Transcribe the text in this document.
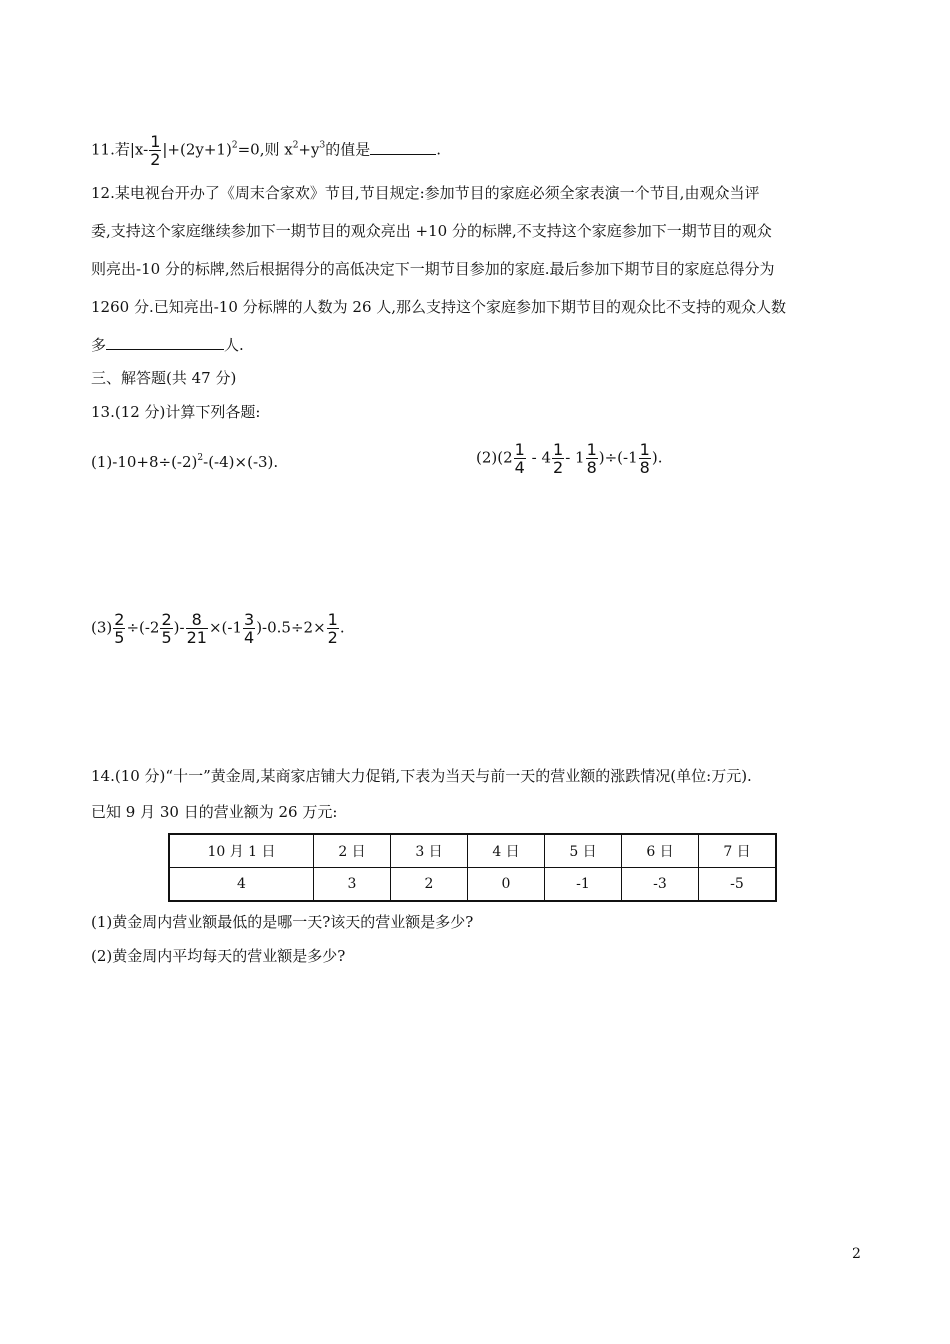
11.若$|x- \frac{1}{2} |+(2y+1)^2=0$,则 $x^2+y^3$的值是	.
12.某电视台开办了《周末合家欢》节目,节目规定:参加节目的家庭必须全家表演一个节目,由观众当评
委,支持这个家庭继续参加下一期节目的观众亮出 +10 分的标牌,不支持这个家庭参加下一期节目的观众
则亮出-10 分的标牌,然后根据得分的高低决定下一期节目参加的家庭.最后参加下期节目的家庭总得分为
1260 分.已知亮出-10 分标牌的人数为 26 人,那么支持这个家庭参加下期节目的观众比不支持的观众人数
多	人.
三、解答题(共 47 分)
13.(12 分)计算下列各题:
$(1)-10+8\div(-2)^2-(-4)\times(-3)$.	$(2)(2 \frac{1}{4} - 4 \frac{1}{2} - 1 \frac{1}{8} )\div(-1 \frac{1}{8}$ ).
$(3) \frac{2}{5} \div(-2 \frac{2}{5}$ )- $\frac{8}{21} \times(-1 \frac{3}{4} )-0.5\div 2\times \frac{1}{2}$ .
14.(10 分)“十一”黄金周,某商家店铺大力促销,下表为当天与前一天的营业额的涨跌情况(单位:万元).
已知 9 月 30 日的营业额为 26 万元:
10 月 1 日	2 日	3 日	4 日	5 日	6 日	7 日
4	3	2	0	-1	-3	-5
(1)黄金周内营业额最低的是哪一天?该天的营业额是多少?
(2)黄金周内平均每天的营业额是多少?
2
